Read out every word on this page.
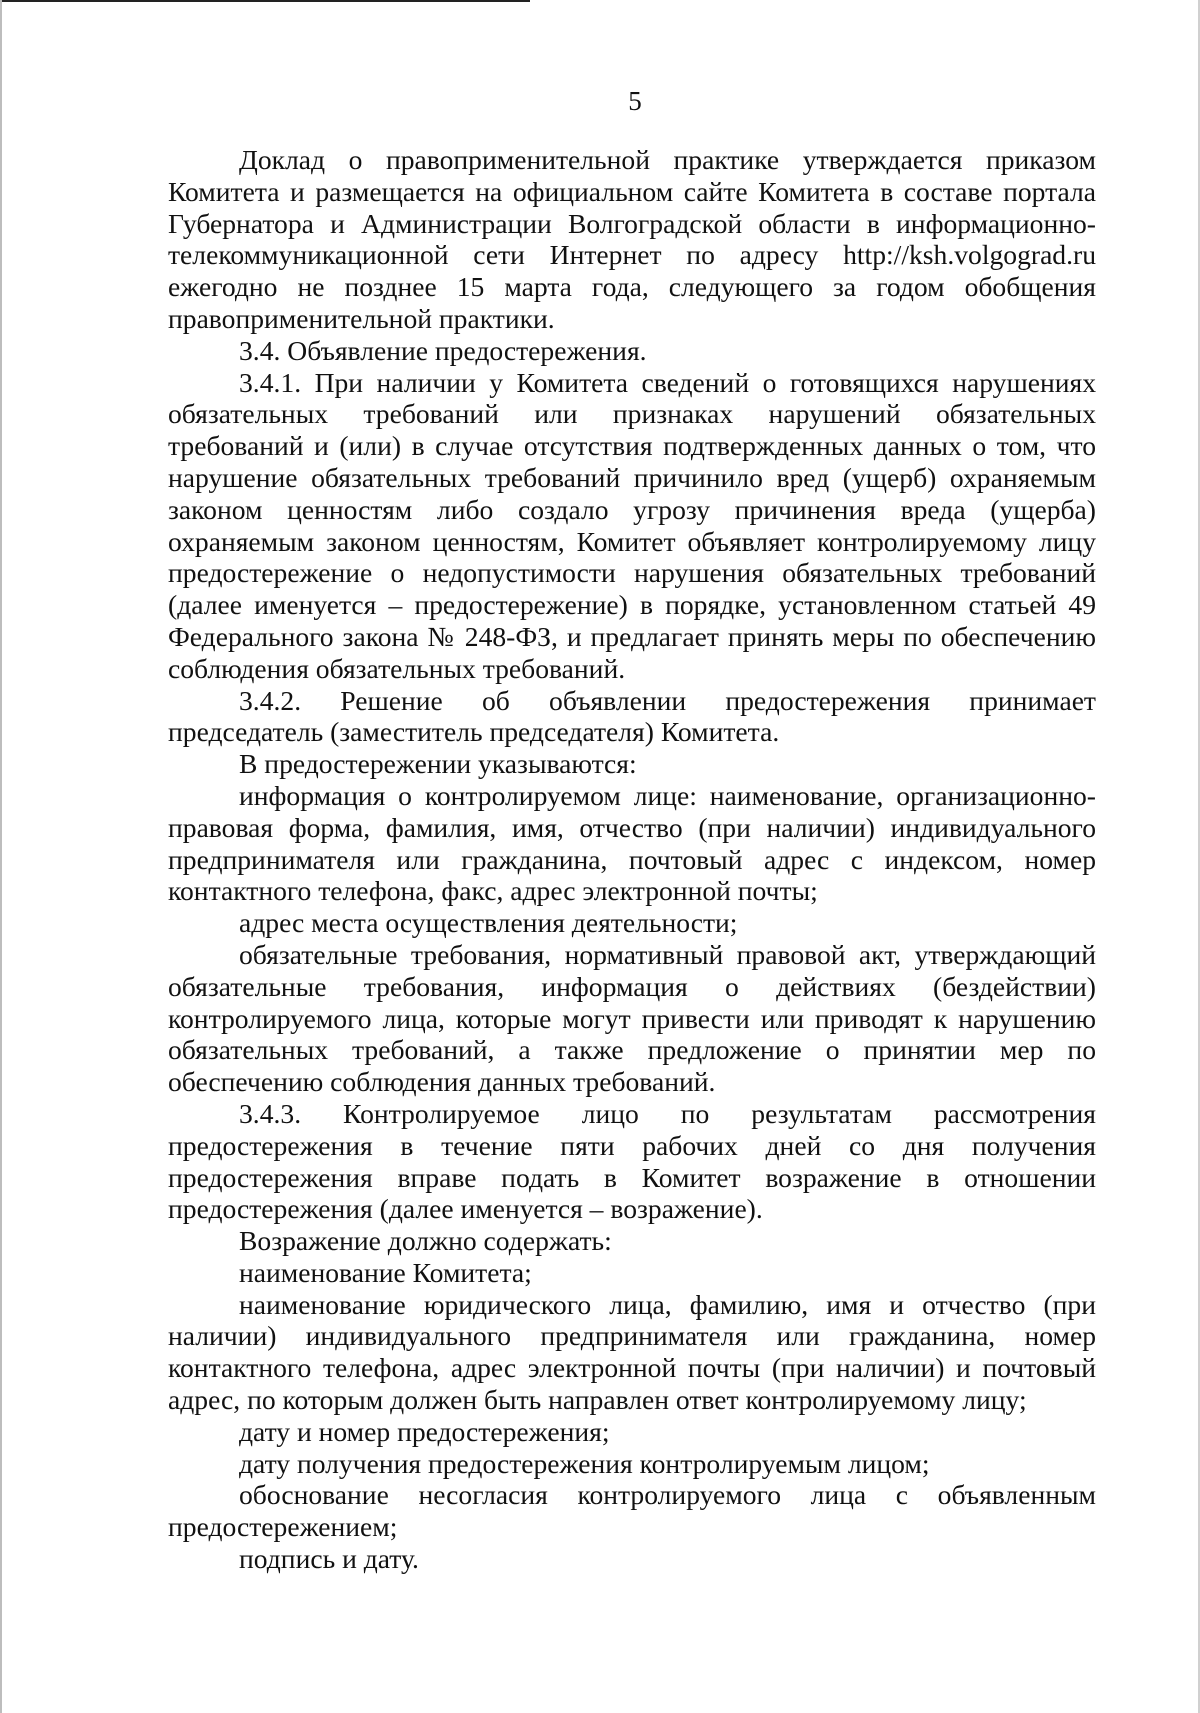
5

Доклад о правоприменительной практике утверждается приказом Комитета и размещается на официальном сайте Комитета в составе портала Губернатора и Администрации Волгоградской области в информационно-телекоммуникационной сети Интернет по адресу http://ksh.volgograd.ru ежегодно не позднее 15 марта года, следующего за годом обобщения правоприменительной практики.

3.4. Объявление предостережения.

3.4.1. При наличии у Комитета сведений о готовящихся нарушениях обязательных требований или признаках нарушений обязательных требований и (или) в случае отсутствия подтвержденных данных о том, что нарушение обязательных требований причинило вред (ущерб) охраняемым законом ценностям либо создало угрозу причинения вреда (ущерба) охраняемым законом ценностям, Комитет объявляет контролируемому лицу предостережение о недопустимости нарушения обязательных требований (далее именуется – предостережение) в порядке, установленном статьей 49 Федерального закона № 248-ФЗ, и предлагает принять меры по обеспечению соблюдения обязательных требований.

3.4.2. Решение об объявлении предостережения принимает председатель (заместитель председателя) Комитета.

В предостережении указываются:

информация о контролируемом лице: наименование, организационно-правовая форма, фамилия, имя, отчество (при наличии) индивидуального предпринимателя или гражданина, почтовый адрес с индексом, номер контактного телефона, факс, адрес электронной почты;

адрес места осуществления деятельности;

обязательные требования, нормативный правовой акт, утверждающий обязательные требования, информация о действиях (бездействии) контролируемого лица, которые могут привести или приводят к нарушению обязательных требований, а также предложение о принятии мер по обеспечению соблюдения данных требований.

3.4.3. Контролируемое лицо по результатам рассмотрения предостережения в течение пяти рабочих дней со дня получения предостережения вправе подать в Комитет возражение в отношении предостережения (далее именуется – возражение).

Возражение должно содержать:

наименование Комитета;

наименование юридического лица, фамилию, имя и отчество (при наличии) индивидуального предпринимателя или гражданина, номер контактного телефона, адрес электронной почты (при наличии) и почтовый адрес, по которым должен быть направлен ответ контролируемому лицу;

дату и номер предостережения;

дату получения предостережения контролируемым лицом;

обоснование несогласия контролируемого лица с объявленным предостережением;

подпись и дату.
